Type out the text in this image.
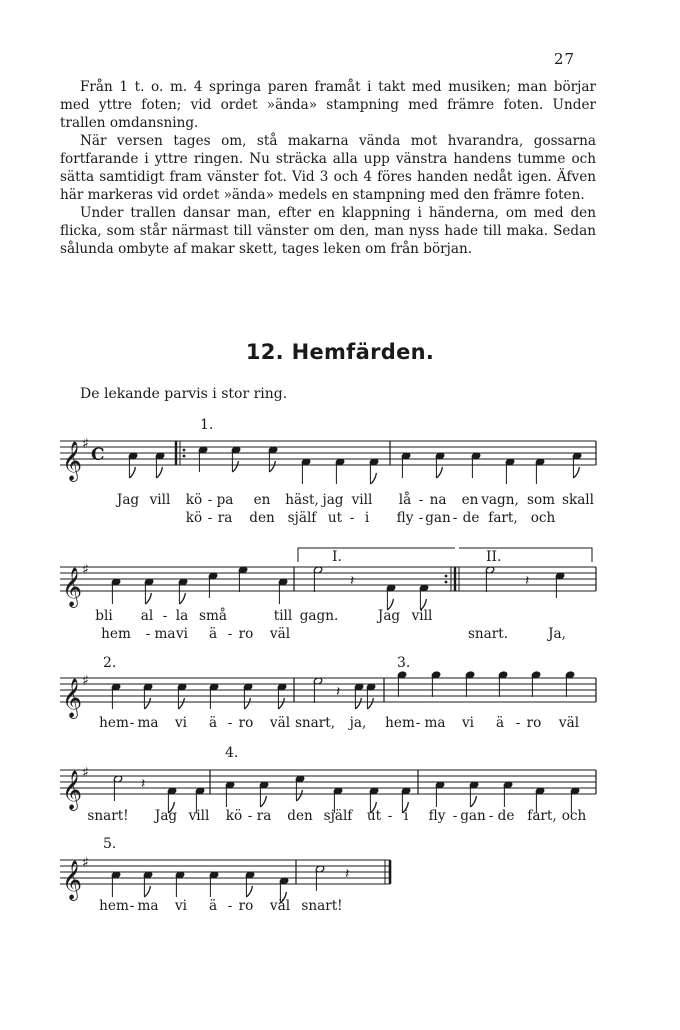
27

Från 1 t. o. m. 4 springa paren framåt i takt med musiken; man börjar med yttre foten; vid ordet »ända» stampning med främre foten. Under trallen omdansning.

När versen tages om, stå makarna vända mot hvarandra, gossarna fortfarande i yttre ringen. Nu sträcka alla upp vänstra handens tumme och sätta samtidigt fram vänster fot. Vid 3 och 4 föres handen nedåt igen. Äfven här markeras vid ordet »ända» medels en stampning med den främre foten.

Under trallen dansar man, efter en klappning i händerna, om med den flicka, som står närmast till vänster om den, man nyss hade till maka. Sedan sålunda ombyte af makar skett, tages leken om från början.

12. Hemfärden.
De lekande parvis i stor ring.
𝄞 ♯
C
𝄞 ♯
𝄽	𝄽
𝄞 ♯
𝄽
𝄞 ♯
𝄽
𝄞 ♯
𝄽
Jag vill kö - pa en häst, jag vill lå - na en vagn, som skall
kö - ra den själf ut - i fly - gan - de fart, och
bli al - la små	till gagn.	Jag vill
hem - ma vi ä - ro väl	snart.	Ja,
hem - ma vi ä - ro väl snart, ja, hem - ma vi ä - ro väl
snart! Jag vill kö - ra den själf ut - i fly - gan - de fart, och
hem - ma vi ä - ro väl snart!
1.
I.	II.
2.	3.
4.
5.
